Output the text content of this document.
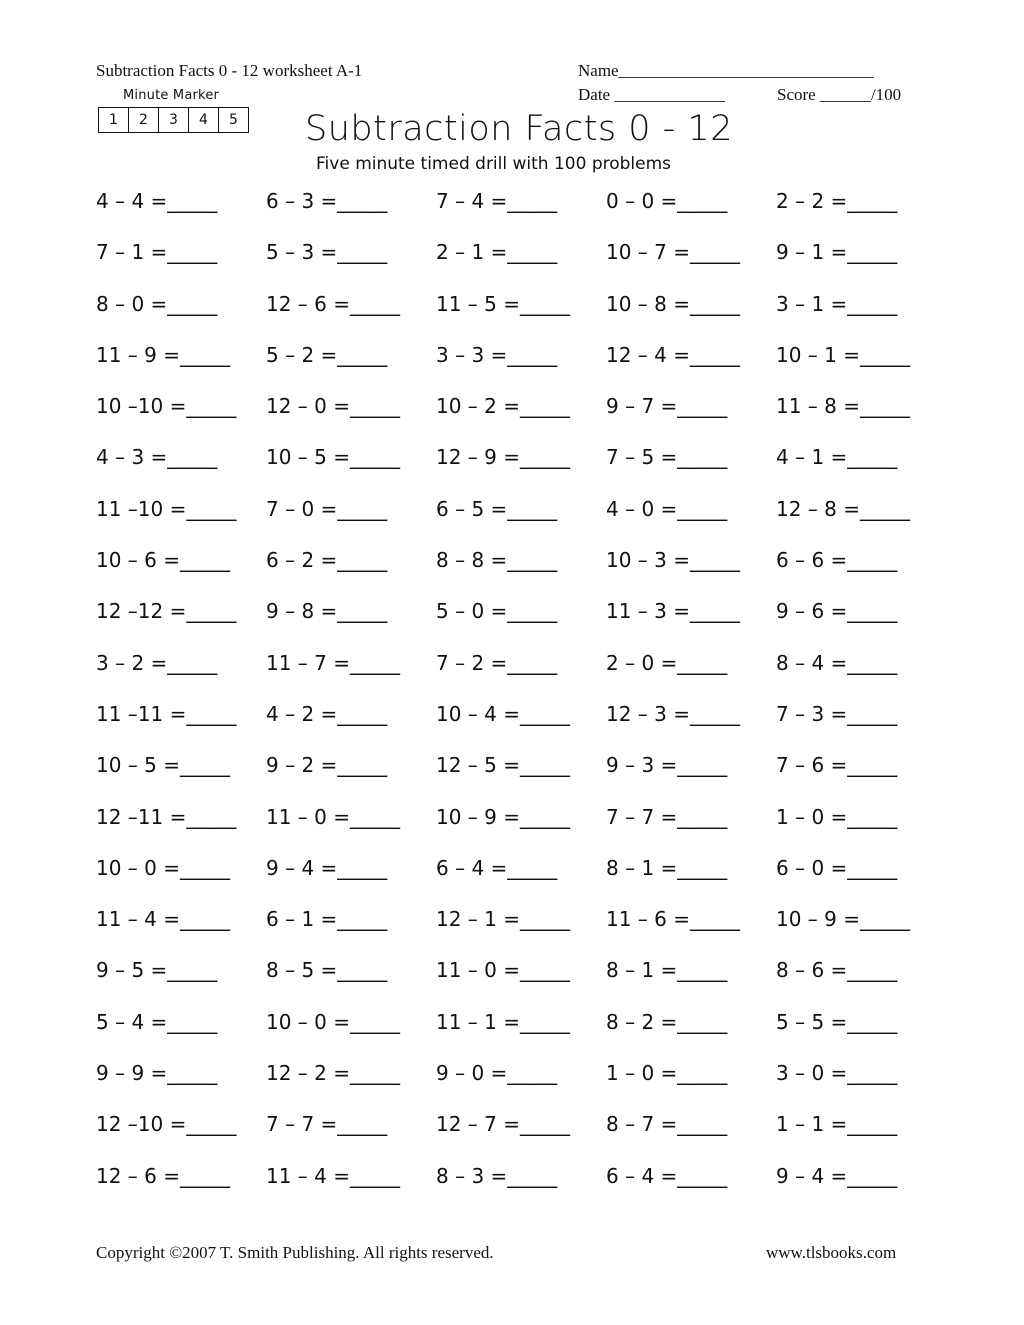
Subtraction Facts 0 - 12 worksheet A-1	Name______________________________
Date _____________	Score ______/100
Minute Marker
1	2	3	4	5 Subtraction Facts 0 - 12
Five minute timed drill with 100 problems
4 – 4 =_____ 6 – 3 =_____ 7 – 4 =_____ 0 – 0 =_____ 2 – 2 =_____
7 – 1 =_____ 5 – 3 =_____ 2 – 1 =_____ 10 – 7 =_____ 9 – 1 =_____
8 – 0 =_____ 12 – 6 =_____ 11 – 5 =_____ 10 – 8 =_____ 3 – 1 =_____
11 – 9 =_____ 5 – 2 =_____ 3 – 3 =_____ 12 – 4 =_____ 10 – 1 =_____
10 –10 =_____ 12 – 0 =_____ 10 – 2 =_____ 9 – 7 =_____ 11 – 8 =_____
4 – 3 =_____ 10 – 5 =_____ 12 – 9 =_____ 7 – 5 =_____ 4 – 1 =_____
11 –10 =_____ 7 – 0 =_____ 6 – 5 =_____ 4 – 0 =_____ 12 – 8 =_____
10 – 6 =_____ 6 – 2 =_____ 8 – 8 =_____ 10 – 3 =_____ 6 – 6 =_____
12 –12 =_____ 9 – 8 =_____ 5 – 0 =_____ 11 – 3 =_____ 9 – 6 =_____
3 – 2 =_____ 11 – 7 =_____ 7 – 2 =_____ 2 – 0 =_____ 8 – 4 =_____
11 –11 =_____ 4 – 2 =_____ 10 – 4 =_____ 12 – 3 =_____ 7 – 3 =_____
10 – 5 =_____ 9 – 2 =_____ 12 – 5 =_____ 9 – 3 =_____ 7 – 6 =_____
12 –11 =_____ 11 – 0 =_____ 10 – 9 =_____ 7 – 7 =_____ 1 – 0 =_____
10 – 0 =_____ 9 – 4 =_____ 6 – 4 =_____ 8 – 1 =_____ 6 – 0 =_____
11 – 4 =_____ 6 – 1 =_____ 12 – 1 =_____ 11 – 6 =_____ 10 – 9 =_____
9 – 5 =_____ 8 – 5 =_____ 11 – 0 =_____ 8 – 1 =_____ 8 – 6 =_____
5 – 4 =_____ 10 – 0 =_____ 11 – 1 =_____ 8 – 2 =_____ 5 – 5 =_____
9 – 9 =_____ 12 – 2 =_____ 9 – 0 =_____ 1 – 0 =_____ 3 – 0 =_____
12 –10 =_____ 7 – 7 =_____ 12 – 7 =_____ 8 – 7 =_____ 1 – 1 =_____
12 – 6 =_____ 11 – 4 =_____ 8 – 3 =_____ 6 – 4 =_____ 9 – 4 =_____
Copyright ©2007 T. Smith Publishing. All rights reserved.	www.tlsbooks.com
